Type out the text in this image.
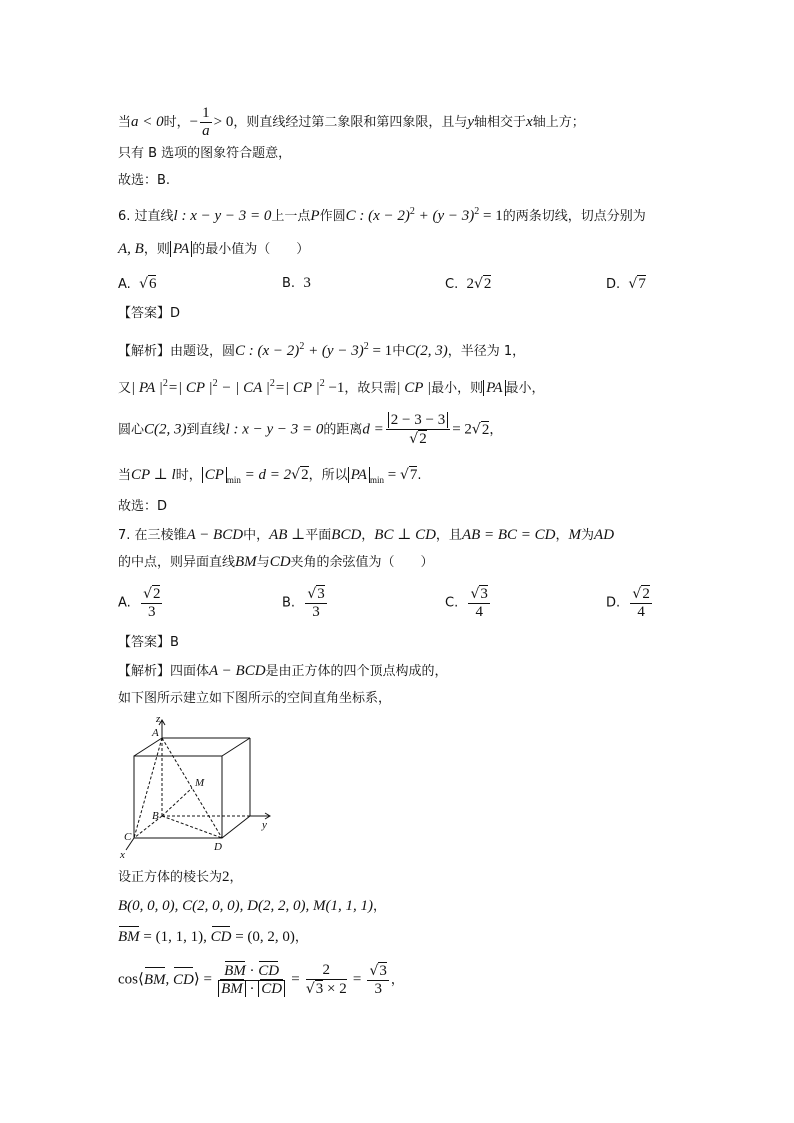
当a < 0时，− $\frac{1}{a} > 0$，则直线经过第二象限和第四象限，且与y轴相交于x轴上方；
只有 B 选项的图象符合题意，
故选：B.
6. 过直线l : x − y − 3 = 0上一点P作圆C : $(x - 2)^2 + (y - 3)^2 = 1$的两条切线，切点分别为
A, B，则 PA 的最小值为（　　）
A. √6	B. 3	C. 2√2	D. √7
【答案】D
【解析】由题设，圆C : $(x - 2)^2 + (y - 3)^2 = 1$中C(2, 3)，半径为 1，
又| PA $|^2=|$ CP $|^2$ − | CA $|^2=|$ CP $|^2 -1$，故只需| CP |最小，则 PA 最小，
圆心C(2, 3)到直线l : x − y − 3 = 0的距离$d = \frac{2 - 3 - 3}{√2} = 2√2$，
当CP ⊥ l时， CP $_{min}$ = d = 2√2，所以 PA $_{min}$ = √7.
故选：D
7. 在三棱锥A − BCD中，AB ⊥平面BCD，BC ⊥ CD，且AB = BC = CD，M为AD
的中点，则异面直线BM与CD夹角的余弦值为（　　）
A. $\frac{√2}{3}$	B. $\frac{√3}{3}$	C. $\frac{√3}{4}$	D. $\frac{√2}{4}$
【答案】B
【解析】四面体A − BCD是由正方体的四个顶点构成的，
如下图所示建立如下图所示的空间直角坐标系，
z
A
M
B
C
D
y
x
设正方体的棱长为2，
B(0, 0, 0), C(2, 0, 0), D(2, 2, 0), M(1, 1, 1)，
BM = (1, 1, 1), CD = (0, 2, 0)，
cos⟨BM, CD⟩ = $\frac{BM \cdot CD}{BM \cdot CD} = \frac{2}{√3 \times 2} = \frac{√3}{3}$ ，
